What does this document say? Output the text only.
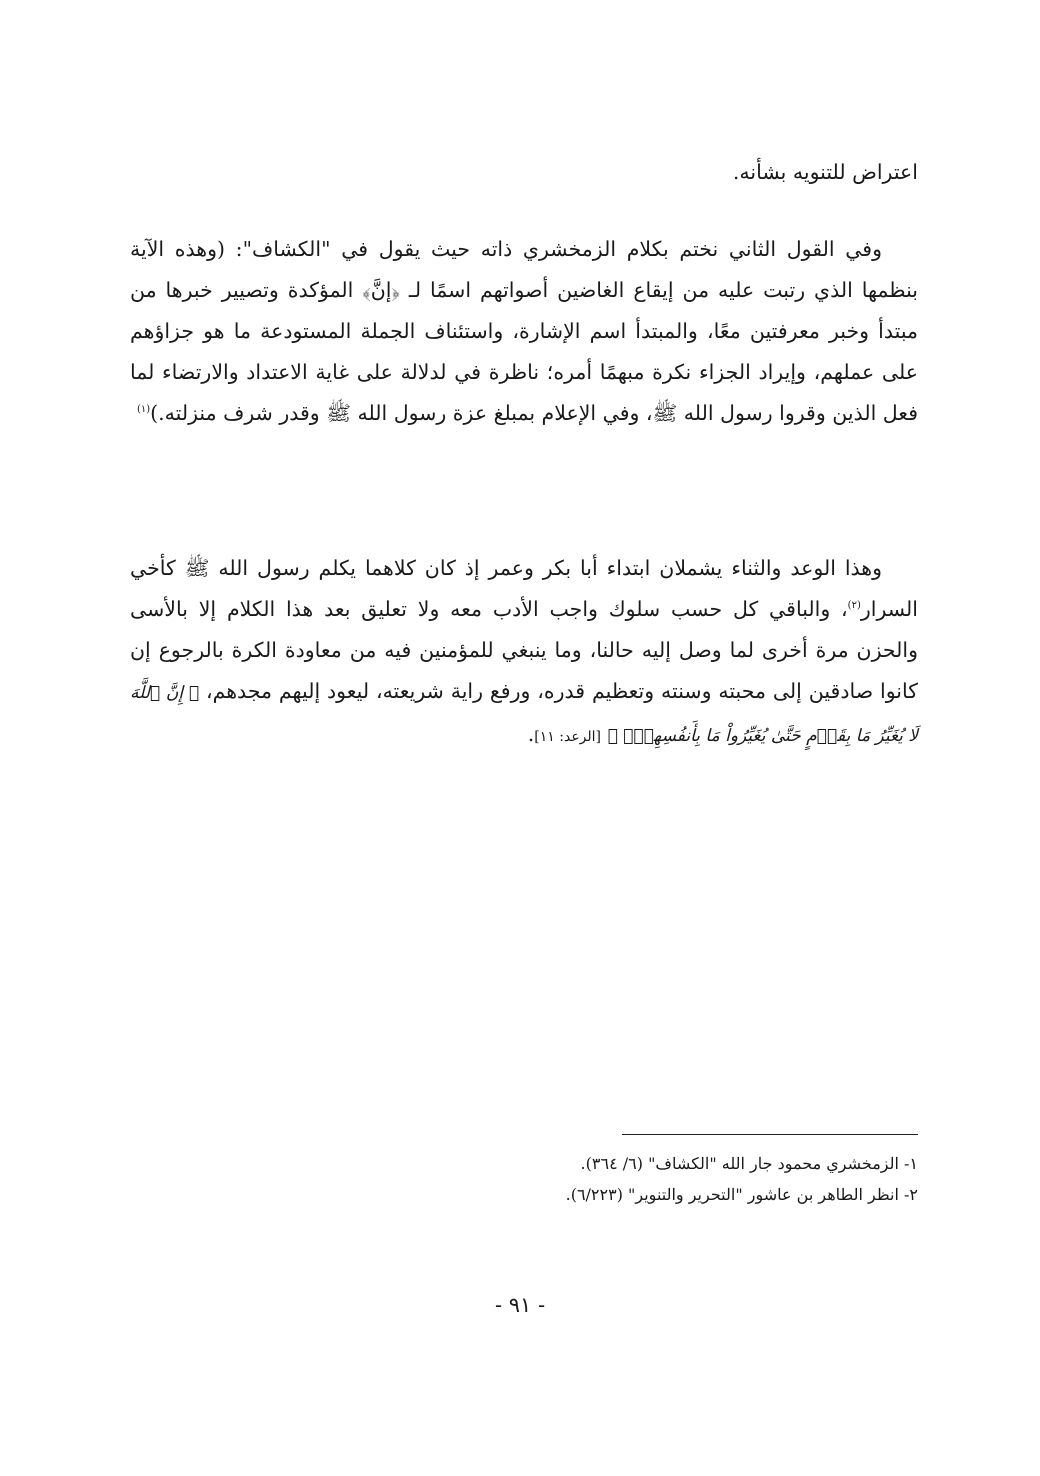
اعتراض للتنويه بشأنه.

وفي القول الثاني نختم بكلام الزمخشري ذاته حيث يقول في "الكشاف": (وهذه الآية بنظمها الذي رتبت عليه من إيقاع الغاضين أصواتهم اسمًا لـ ﴿إنَّ﴾ المؤكدة وتصيير خبرها من مبتدأ وخبر معرفتين معًا، والمبتدأ اسم الإشارة، واستئناف الجملة المستودعة ما هو جزاؤهم على عملهم، وإيراد الجزاء نكرة مبهمًا أمره؛ ناظرة في لدلالة على غاية الاعتداد والارتضاء لما فعل الذين وقروا رسول الله ﷺ، وفي الإعلام بمبلغ عزة رسول الله ﷺ وقدر شرف منزلته.)$^{(١)}$

وهذا الوعد والثناء يشملان ابتداء أبا بكر وعمر إذ كان كلاهما يكلم رسول الله ﷺ كأخي السرار$^{(٢)}$، والباقي كل حسب سلوك واجب الأدب معه ولا تعليق بعد هذا الكلام إلا بالأسى والحزن مرة أخرى لما وصل إليه حالنا، وما ينبغي للمؤمنين فيه من معاودة الكرة بالرجوع إن كانوا صادقين إلى محبته وسنته وتعظيم قدره، ورفع راية شريعته، ليعود إليهم مجدهم، ﴿ إِنَّ ٱللَّهَ لَا يُغَيِّرُ مَا بِقَوۡمٍ حَتَّىٰ يُغَيِّرُواْ مَا بِأَنفُسِهِمۡۗ ﴾ [الرعد: ١١].

١- الزمخشري محمود جار الله "الكشاف" (٦/ ٣٦٤).
٢- انظر الطاهر بن عاشور "التحرير والتنوير" (٦/٢٢٣).
- ٩١ -
